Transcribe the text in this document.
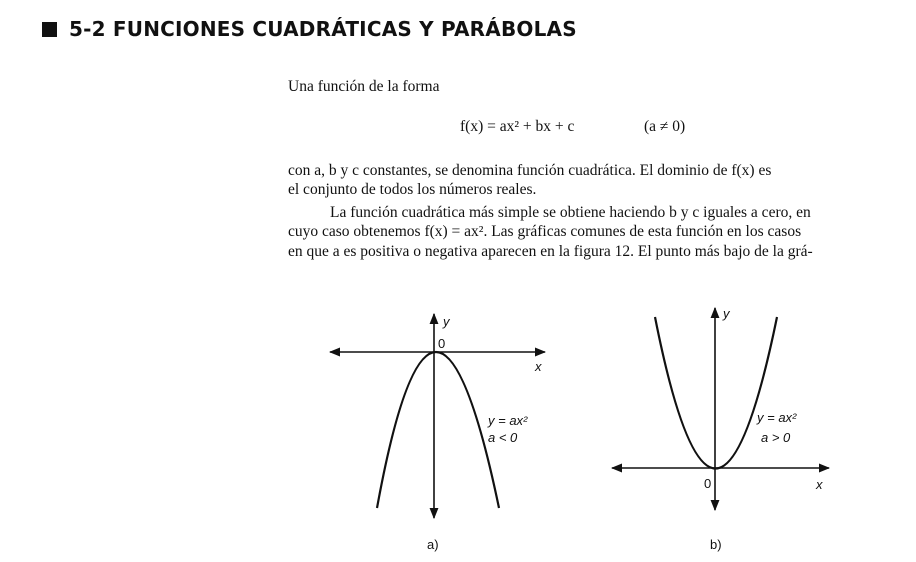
5-2 FUNCIONES CUADRÁTICAS Y PARÁBOLAS
Una función de la forma
f(x) = ax² + bx + c	(a ≠ 0)
con a, b y c constantes, se denomina función cuadrática. El dominio de f(x) es
el conjunto de todos los números reales.
La función cuadrática más simple se obtiene haciendo b y c iguales a cero, en
cuyo caso obtenemos f(x) = ax². Las gráficas comunes de esta función en los casos
en que a es positiva o negativa aparecen en la figura 12. El punto más bajo de la grá-
y
0
x
y = ax²
a < 0
a)
y
0	x
y = ax²
a > 0
b)
